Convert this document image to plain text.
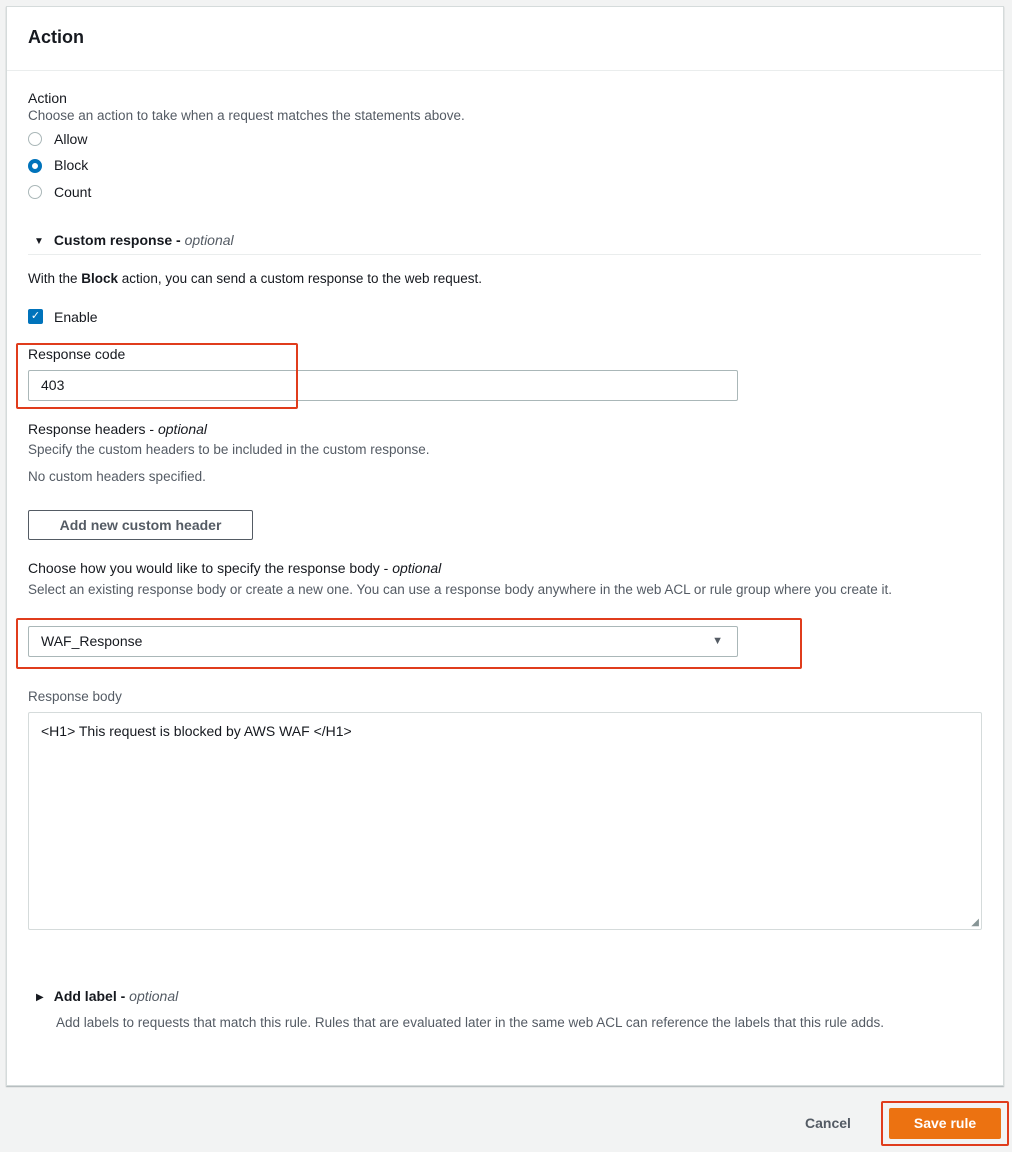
Action
Action
Choose an action to take when a request matches the statements above.
Allow
Block
Count
▼ Custom response - optional
With the Block action, you can send a custom response to the web request.
✓ Enable
Response code
403
Response headers - optional
Specify the custom headers to be included in the custom response.
No custom headers specified.
Add new custom header
Choose how you would like to specify the response body - optional
Select an existing response body or create a new one. You can use a response body anywhere in the web ACL or rule group where you create it.
WAF_Response	▼
Response body
<H1> This request is blocked by AWS WAF </H1>
◢
▶ Add label - optional
Add labels to requests that match this rule. Rules that are evaluated later in the same web ACL can reference the labels that this rule adds.
Cancel	Save rule
